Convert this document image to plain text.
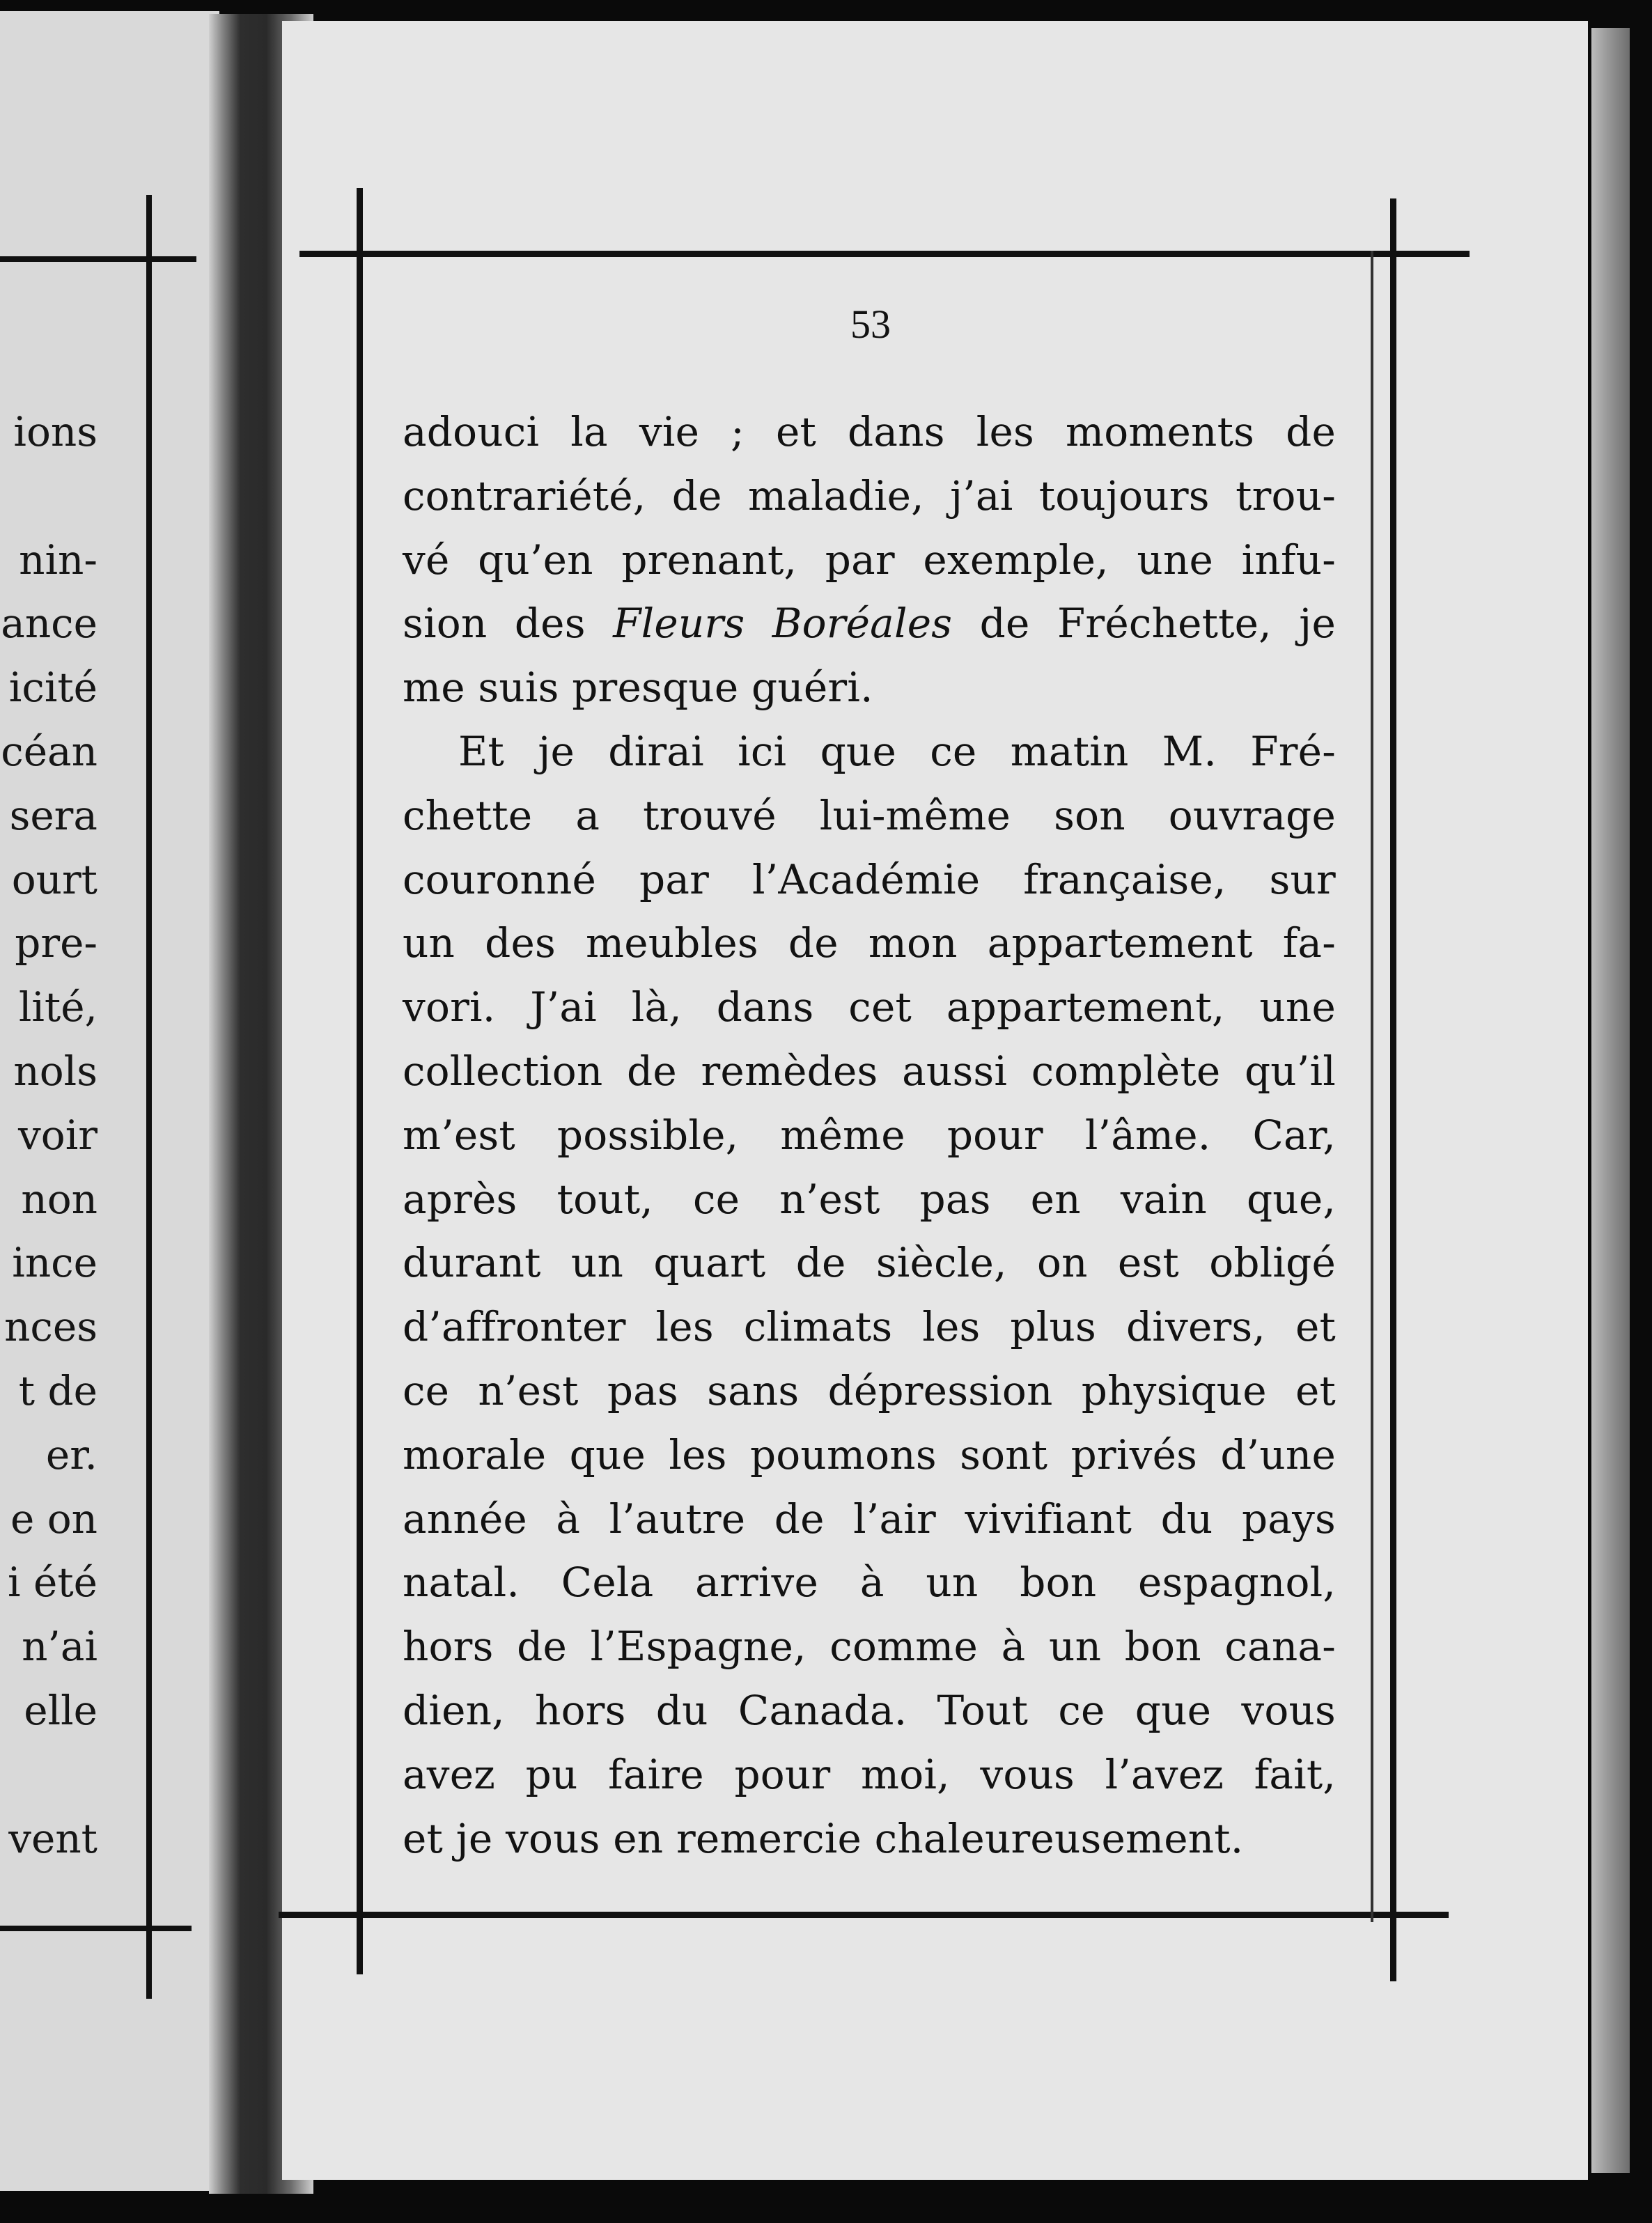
ions
nin-
ance
icité
céan
sera
ourt
pre-
lité,
nols
voir
non
ince
nces
t de
er.
e on
i été
n’ai
elle
vent
53
adouci la vie ; et dans les moments de
contrariété, de maladie, j’ai toujours trou-
vé qu’en prenant, par exemple, une infu-
sion des Fleurs Boréales de Fréchette, je
me suis presque guéri.
Et je dirai ici que ce matin M. Fré-
chette a trouvé lui-même son ouvrage
couronné par l’Académie française, sur
un des meubles de mon appartement fa-
vori. J’ai là, dans cet appartement, une
collection de remèdes aussi complète qu’il
m’est possible, même pour l’âme. Car,
après tout, ce n’est pas en vain que,
durant un quart de siècle, on est obligé
d’affronter les climats les plus divers, et
ce n’est pas sans dépression physique et
morale que les poumons sont privés d’une
année à l’autre de l’air vivifiant du pays
natal. Cela arrive à un bon espagnol,
hors de l’Espagne, comme à un bon cana-
dien, hors du Canada. Tout ce que vous
avez pu faire pour moi, vous l’avez fait,
et je vous en remercie chaleureusement.
